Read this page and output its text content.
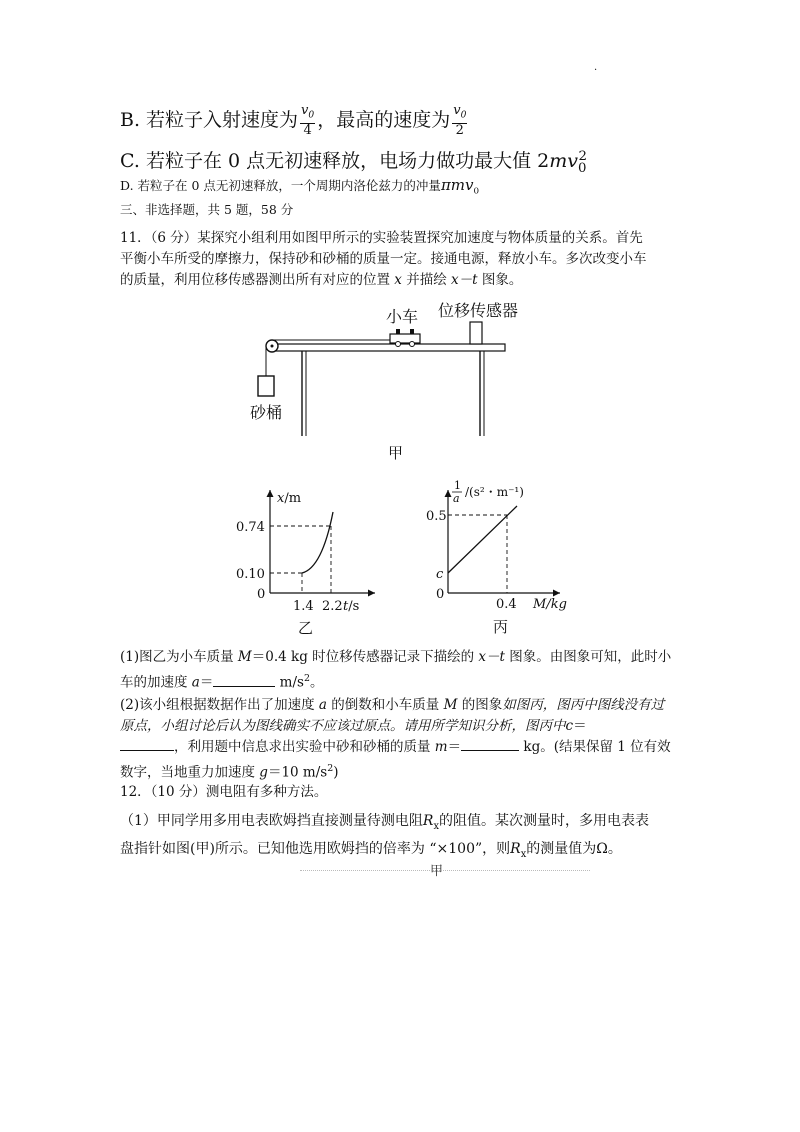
.
B. 若粒子入射速度为 $\frac{v_0}{4}$ ，最高的速度为 $\frac{v_0}{2}$
C. 若粒子在 0 点无初速释放，电场力做功最大值 $2mv_0^2$
D. 若粒子在 0 点无初速释放，一个周期内洛伦兹力的冲量πmv$_0$
三、非选择题，共 5 题，58 分
11．（6 分）某探究小组利用如图甲所示的实验装置探究加速度与物体质量的关系。首先
平衡小车所受的摩擦力，保持砂和砂桶的质量一定。接通电源，释放小车。多次改变小车
的质量，利用位移传感器测出所有对应的位置 x 并描绘 x－t 图象。
小车 位移传感器
砂桶
甲
x/m
t/s
0
0.74
0.10
1.4 2.2
乙
1
a /(s²・m⁻¹)
M/kg
0
0.5
c
0.4
丙
(1)图乙为小车质量 M＝0.4 kg 时位移传感器记录下描绘的 x－t 图象。由图象可知，此时小
车的加速度 a＝	$m/s^2$。
(2)该小组根据数据作出了加速度 a 的倒数和小车质量 M 的图象如图丙，图丙中图线没有过
原点，小组讨论后认为图线确实不应该过原点。请用所学知识分析，图丙中c＝
，利用题中信息求出实验中砂和砂桶的质量 m＝	kg。(结果保留 1 位有效
数字，当地重力加速度 g＝10 $m/s^2$)
12．（10 分）测电阻有多种方法。
（1）甲同学用多用电表欧姆挡直接测量待测电阻$R_x$的阻值。某次测量时，多用电表表
盘指针如图(甲)所示。已知他选用欧姆挡的倍率为 “×100”，则$R_x$的测量值为Ω。
甲
